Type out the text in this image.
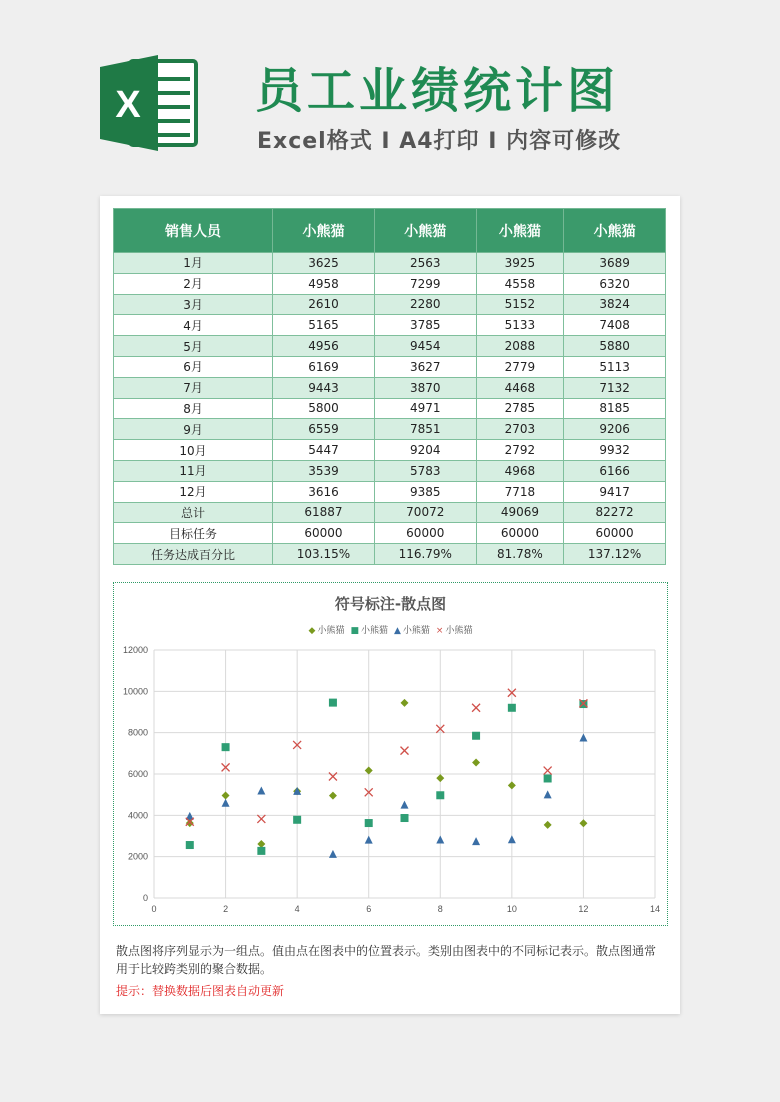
X 员工业绩统计图
Excel格式 Ⅰ A4打印 Ⅰ 内容可修改
销售人员	小熊猫	小熊猫	小熊猫	小熊猫
1月	3625	2563	3925	3689
2月	4958	7299	4558	6320
3月	2610	2280	5152	3824
4月	5165	3785	5133	7408
5月	4956	9454	2088	5880
6月	6169	3627	2779	5113
7月	9443	3870	4468	7132
8月	5800	4971	2785	8185
9月	6559	7851	2703	9206
10月	5447	9204	2792	9932
11月	3539	5783	4968	6166
12月	3616	9385	7718	9417
总计	61887	70072	49069	82272
目标任务	60000	60000	60000	60000
任务达成百分比	103.15%	116.79%	81.78%	137.12%
符号标注-散点图
◆ 小熊猫 ■ 小熊猫 ▲ 小熊猫 × 小熊猫
0
2000
4000
6000
8000
10000
12000
0	2	4	6	8	10	12	14
散点图将序列显示为一组点。值由点在图表中的位置表示。类别由图表中的不同标记表示。散点图通常用于比较跨类别的聚合数据。
提示：替换数据后图表自动更新
